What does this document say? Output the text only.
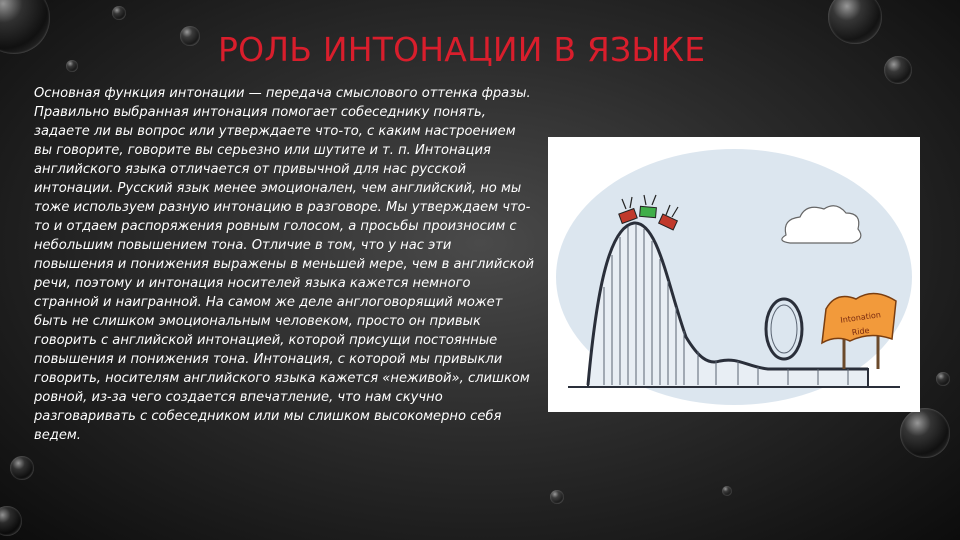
РОЛЬ ИНТОНАЦИИ В ЯЗЫКЕ
Основная функция интонации — передача смыслового оттенка фразы. Правильно выбранная интонация помогает собеседнику понять, задаете ли вы вопрос или утверждаете что-то, с каким настроением вы говорите, говорите вы серьезно или шутите и т. п. Интонация английского языка отличается от привычной для нас русской интонации. Русский язык менее эмоционален, чем английский, но мы тоже используем разную интонацию в разговоре. Мы утверждаем что-то и отдаем распоряжения ровным голосом, а просьбы произносим с небольшим повышением тона. Отличие в том, что у нас эти повышения и понижения выражены в меньшей мере, чем в английской речи, поэтому и интонация носителей языка кажется немного странной и наигранной. На самом же деле англоговорящий может быть не слишком эмоциональным человеком, просто он привык говорить с английской интонацией, которой присущи постоянные повышения и понижения тона. Интонация, с которой мы привыкли говорить, носителям английского языка кажется «неживой», слишком ровной, из-за чего создается впечатление, что нам скучно разговаривать с собеседником или мы слишком высокомерно себя ведем.
Intonation
Ride
